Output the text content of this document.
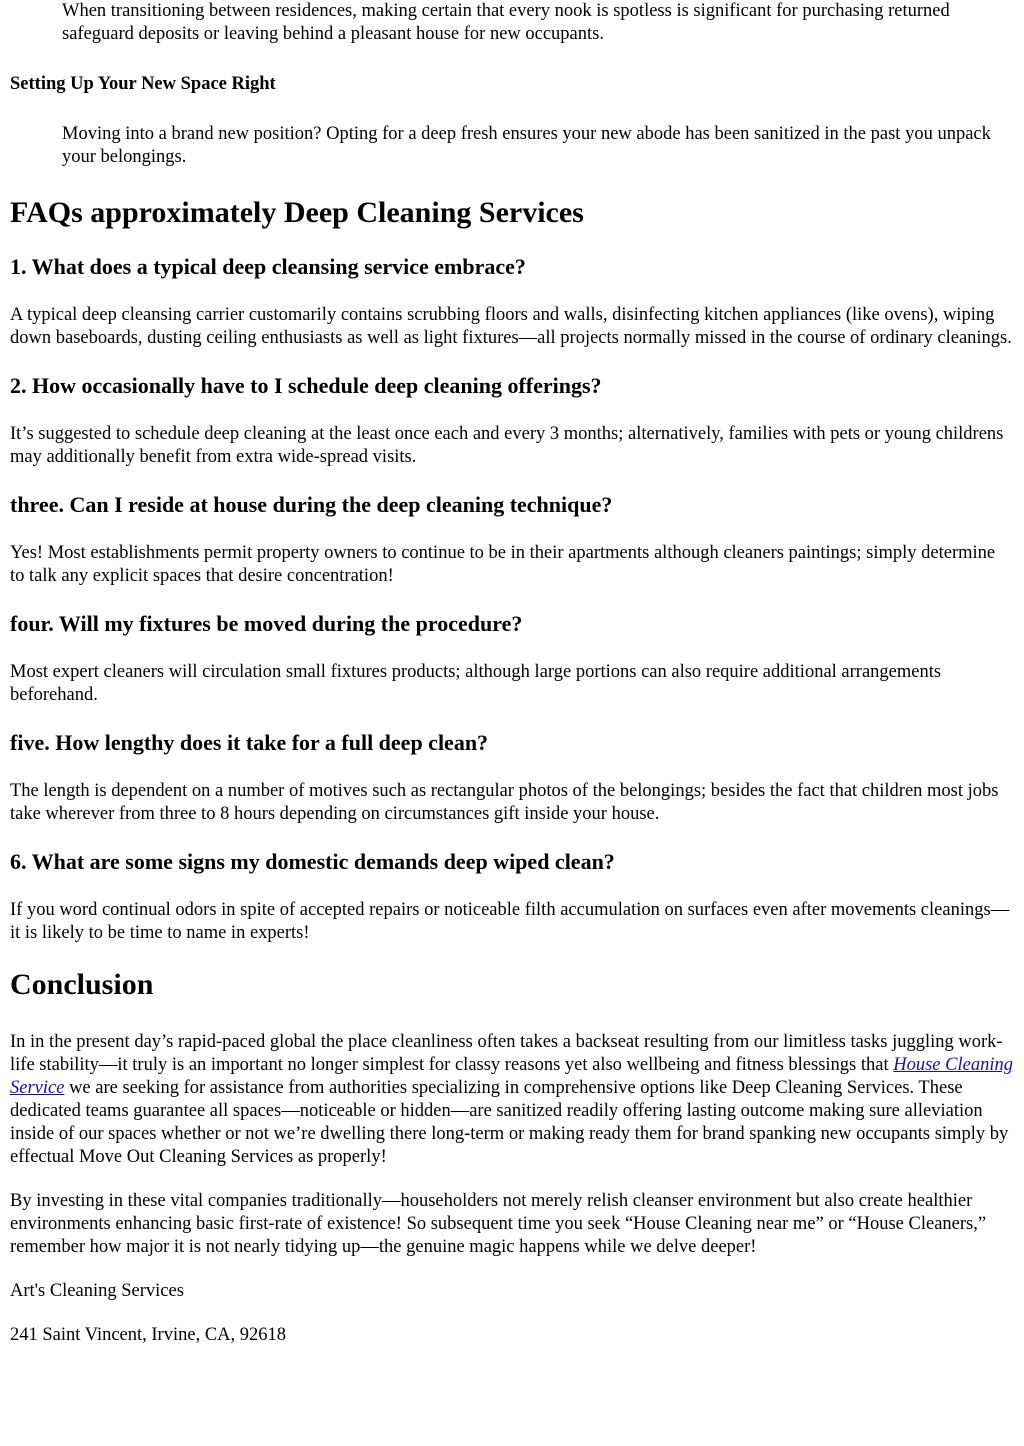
When transitioning between residences, making certain that every nook is spotless is significant for purchasing returned safeguard deposits or leaving behind a pleasant house for new occupants.

Setting Up Your New Space Right

Moving into a brand new position? Opting for a deep fresh ensures your new abode has been sanitized in the past you unpack your belongings.

FAQs approximately Deep Cleaning Services
1. What does a typical deep cleansing service embrace?

A typical deep cleansing carrier customarily contains scrubbing floors and walls, disinfecting kitchen appliances (like ovens), wiping down baseboards, dusting ceiling enthusiasts as well as light fixtures—all projects normally missed in the course of ordinary cleanings.

2. How occasionally have to I schedule deep cleaning offerings?

It’s suggested to schedule deep cleaning at the least once each and every 3 months; alternatively, families with pets or young childrens may additionally benefit from extra wide-spread visits.

three. Can I reside at house during the deep cleaning technique?

Yes! Most establishments permit property owners to continue to be in their apartments although cleaners paintings; simply determine to talk any explicit spaces that desire concentration!

four. Will my fixtures be moved during the procedure?

Most expert cleaners will circulation small fixtures products; although large portions can also require additional arrangements beforehand.

five. How lengthy does it take for a full deep clean?

The length is dependent on a number of motives such as rectangular photos of the belongings; besides the fact that children most jobs take wherever from three to 8 hours depending on circumstances gift inside your house.

6. What are some signs my domestic demands deep wiped clean?

If you word continual odors in spite of accepted repairs or noticeable filth accumulation on surfaces even after movements cleanings—it is likely to be time to name in experts!

Conclusion

In in the present day’s rapid-paced global the place cleanliness often takes a backseat resulting from our limitless tasks juggling work-life stability—it truly is an important no longer simplest for classy reasons yet also wellbeing and fitness blessings that House Cleaning Service we are seeking for assistance from authorities specializing in comprehensive options like Deep Cleaning Services. These dedicated teams guarantee all spaces—noticeable or hidden—are sanitized readily offering lasting outcome making sure alleviation inside of our spaces whether or not we’re dwelling there long-term or making ready them for brand spanking new occupants simply by effectual Move Out Cleaning Services as properly!

By investing in these vital companies traditionally—householders not merely relish cleanser environment but also create healthier environments enhancing basic first-rate of existence! So subsequent time you seek “House Cleaning near me” or “House Cleaners,” remember how major it is not nearly tidying up—the genuine magic happens while we delve deeper!

Art's Cleaning Services

241 Saint Vincent, Irvine, CA, 92618
